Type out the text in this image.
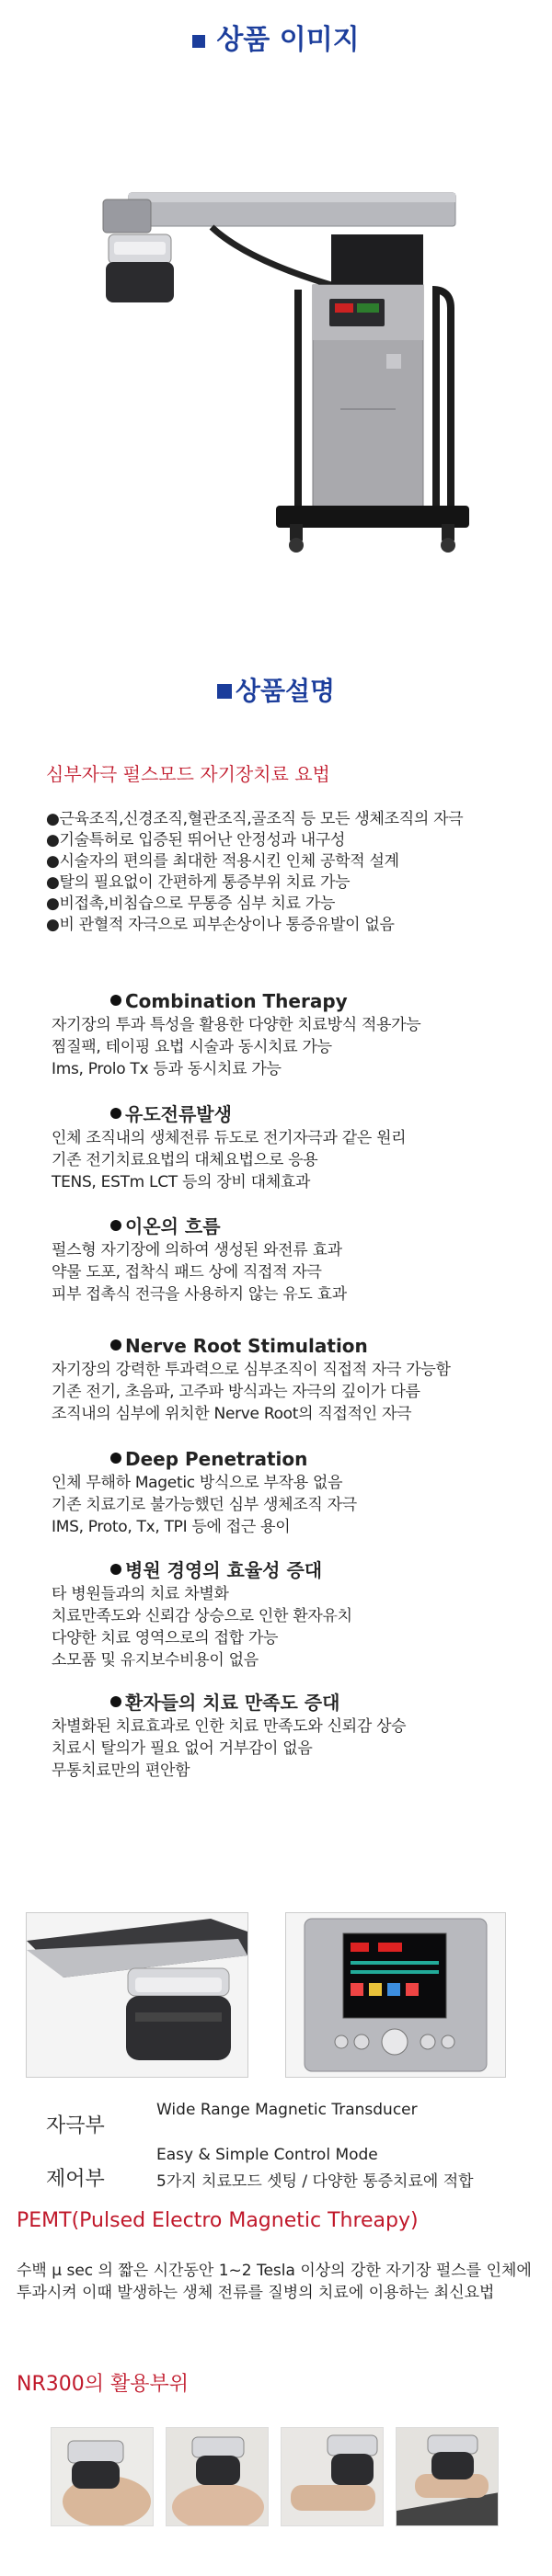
상품 이미지
상품설명
심부자극 펄스모드 자기장치료 요법
●근육조직,신경조직,혈관조직,골조직 등 모든 생체조직의 자극
●기술특허로 입증된 뛰어난 안정성과 내구성
●시술자의 편의를 최대한 적용시킨 인체 공학적 설계
●탈의 필요없이 간편하게 통증부위 치료 가능
●비접촉,비침습으로 무통증 심부 치료 가능
●비 관혈적 자극으로 피부손상이나 통증유발이 없음
Combination Therapy
자기장의 투과 특성을 활용한 다양한 치료방식 적용가능
찜질팩, 테이핑 요법 시술과 동시치료 가능
Ims, Prolo Tx 등과 동시치료 가능
유도전류발생
인체 조직내의 생체전류 듀도로 전기자극과 같은 원리
기존 전기치료요법의 대체요법으로 응용
TENS, ESTm LCT 등의 장비 대체효과
이온의 흐름
펄스형 자기장에 의하여 생성된 와전류 효과
약물 도포, 접착식 패드 상에 직접적 자극
피부 접촉식 전극을 사용하지 않는 유도 효과
Nerve Root Stimulation
자기장의 강력한 투과력으로 심부조직이 직접적 자극 가능함
기존 전기, 초음파, 고주파 방식과는 자극의 깊이가 다름
조직내의 심부에 위치한 Nerve Root의 직접적인 자극
Deep Penetration
인체 무해하 Magetic 방식으로 부작용 없음
기존 치료기로 불가능했던 심부 생체조직 자극
IMS, Proto, Tx, TPI 등에 접근 용이
병원 경영의 효율성 증대
타 병원들과의 치료 차별화
치료만족도와 신뢰감 상승으로 인한 환자유치
다양한 치료 영역으로의 접합 가능
소모품 및 유지보수비용이 없음
환자들의 치료 만족도 증대
차별화된 치료효과로 인한 치료 만족도와 신뢰감 상승
치료시 탈의가 필요 없어 거부감이 없음
무통치료만의 편안함
자극부
Wide Range Magnetic Transducer
제어부
Easy & Simple Control Mode
5가지 치료모드 셋팅 / 다양한 통증치료에 적합
PEMT(Pulsed Electro Magnetic Threapy)
수백 μ sec 의 짧은 시간동안 1~2 Tesla 이상의 강한 자기장 펄스를 인체에 투과시켜 이때 발생하는 생체 전류를 질병의 치료에 이용하는 최신요법
NR300의 활용부위
